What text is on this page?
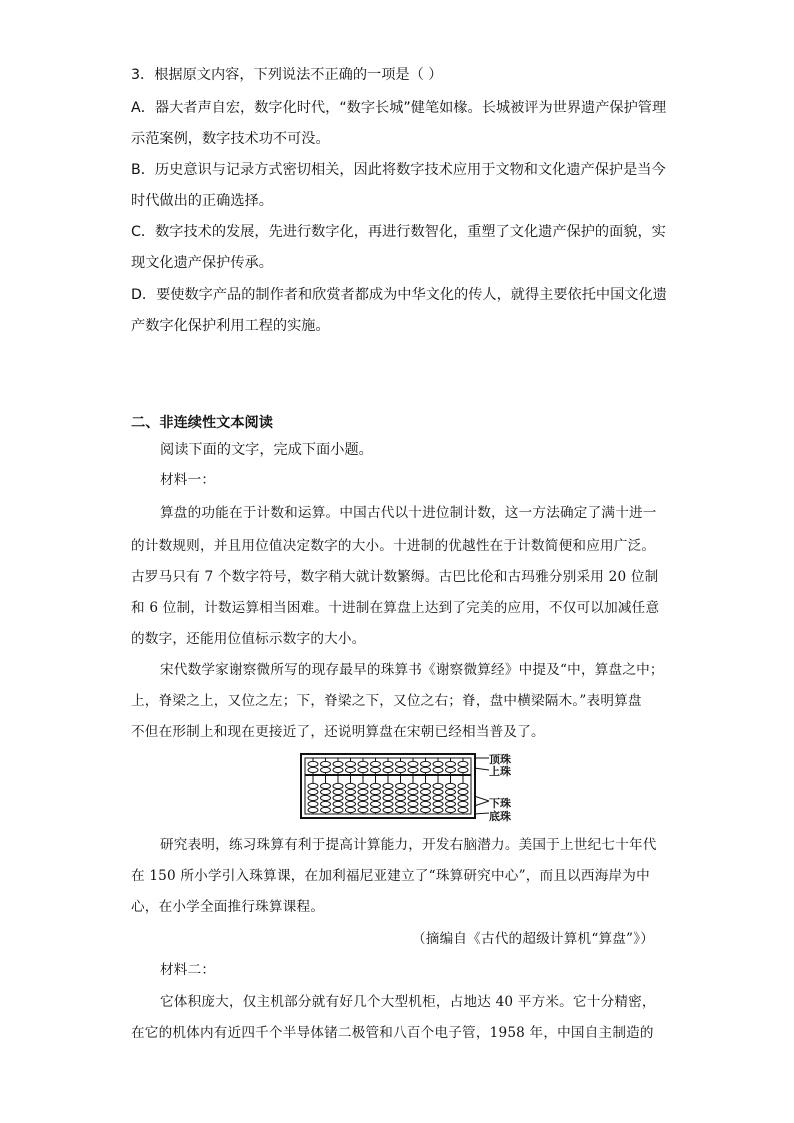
3．根据原文内容，下列说法不正确的一项是（ ）
A．器大者声自宏，数字化时代，“数字长城”健笔如椽。长城被评为世界遗产保护管理
示范案例，数字技术功不可没。
B．历史意识与记录方式密切相关，因此将数字技术应用于文物和文化遗产保护是当今
时代做出的正确选择。
C．数字技术的发展，先进行数字化，再进行数智化，重塑了文化遗产保护的面貌，实
现文化遗产保护传承。
D．要使数字产品的制作者和欣赏者都成为中华文化的传人，就得主要依托中国文化遗
产数字化保护利用工程的实施。
二、非连续性文本阅读
阅读下面的文字，完成下面小题。
材料一：
算盘的功能在于计数和运算。中国古代以十进位制计数，这一方法确定了满十进一
的计数规则，并且用位值决定数字的大小。十进制的优越性在于计数简便和应用广泛。
古罗马只有 7 个数字符号，数字稍大就计数繁缛。古巴比伦和古玛雅分别采用 20 位制
和 6 位制，计数运算相当困难。十进制在算盘上达到了完美的应用，不仅可以加减任意
的数字，还能用位值标示数字的大小。
宋代数学家谢察微所写的现存最早的珠算书《谢察微算经》中提及“中，算盘之中；
上，脊梁之上，又位之左；下，脊梁之下，又位之右；脊，盘中横梁隔木。”表明算盘
不但在形制上和现在更接近了，还说明算盘在宋朝已经相当普及了。
顶珠
上珠
下珠
底珠
研究表明，练习珠算有利于提高计算能力，开发右脑潜力。美国于上世纪七十年代
在 150 所小学引入珠算课，在加利福尼亚建立了“珠算研究中心”，而且以西海岸为中
心，在小学全面推行珠算课程。
（摘编自《古代的超级计算机“算盘”》）
材料二：
它体积庞大，仅主机部分就有好几个大型机柜，占地达 40 平方米。它十分精密，
在它的机体内有近四千个半导体锗二极管和八百个电子管，1958 年，中国自主制造的
